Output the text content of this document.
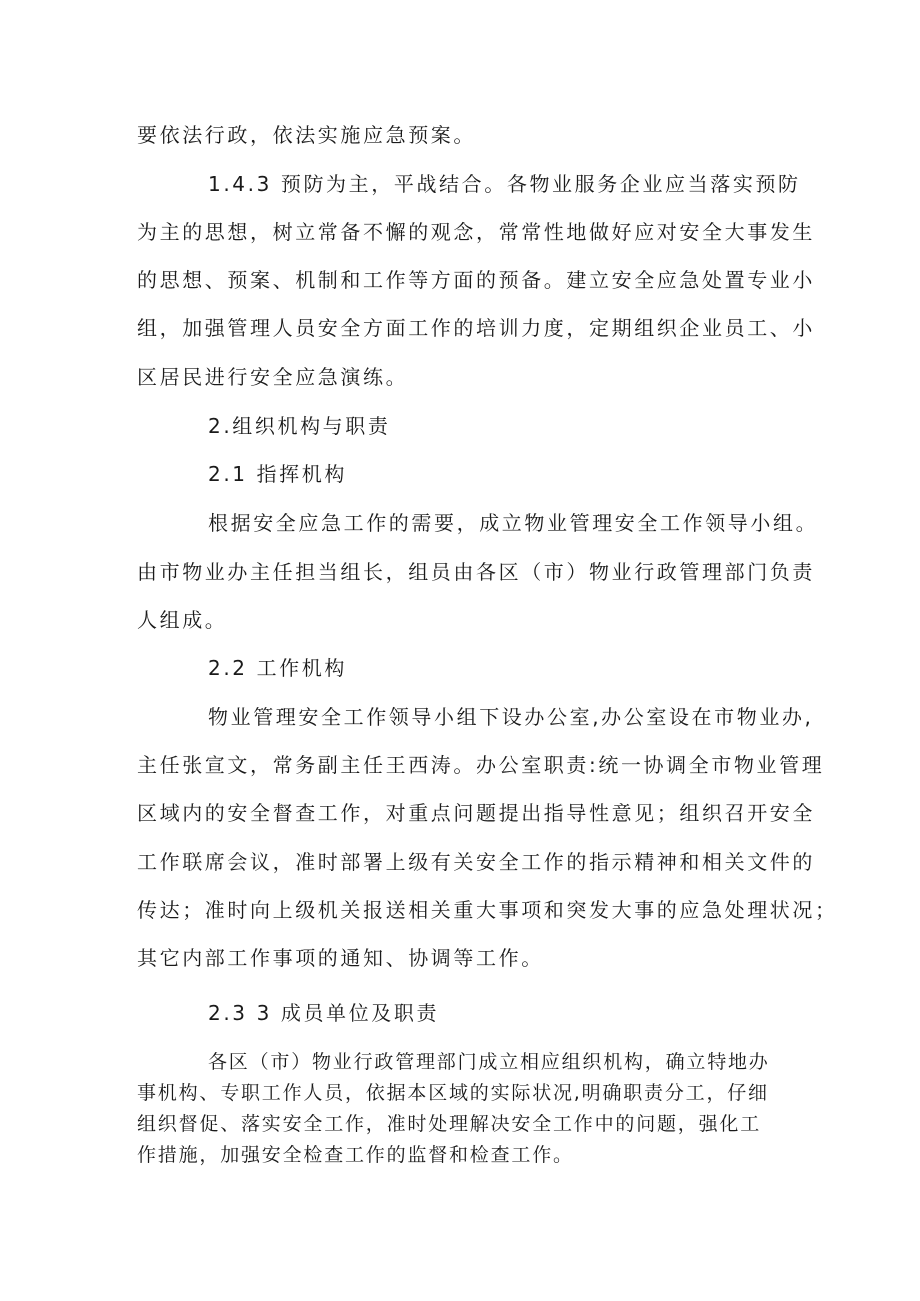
要依法行政，依法实施应急预案。
1.4.3 预防为主，平战结合。各物业服务企业应当落实预防
为主的思想，树立常备不懈的观念，常常性地做好应对安全大事发生
的思想、预案、机制和工作等方面的预备。建立安全应急处置专业小
组，加强管理人员安全方面工作的培训力度，定期组织企业员工、小
区居民进行安全应急演练。
2.组织机构与职责
2.1 指挥机构
根据安全应急工作的需要，成立物业管理安全工作领导小组。
由市物业办主任担当组长，组员由各区（市）物业行政管理部门负责
人组成。
2.2 工作机构
物业管理安全工作领导小组下设办公室,办公室设在市物业办,
主任张宣文，常务副主任王西涛。办公室职责:统一协调全市物业管理
区域内的安全督查工作，对重点问题提出指导性意见；组织召开安全
工作联席会议，准时部署上级有关安全工作的指示精神和相关文件的
传达；准时向上级机关报送相关重大事项和突发大事的应急处理状况；
其它内部工作事项的通知、协调等工作。
2.3 3 成员单位及职责
各区（市）物业行政管理部门成立相应组织机构，确立特地办
事机构、专职工作人员，依据本区域的实际状况,明确职责分工，仔细
组织督促、落实安全工作，准时处理解决安全工作中的问题，强化工
作措施，加强安全检查工作的监督和检查工作。
